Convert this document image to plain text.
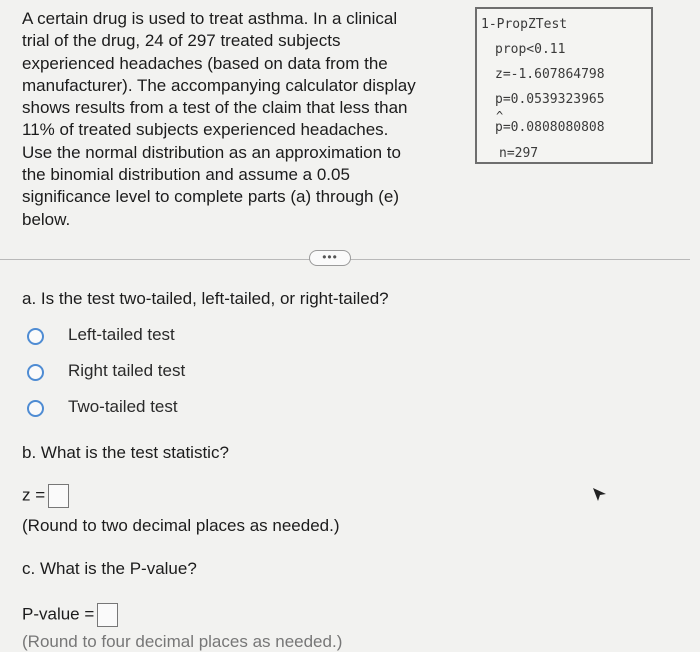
A certain drug is used to treat asthma. In a clinical
trial of the drug, 24 of 297 treated subjects
experienced headaches (based on data from the
manufacturer). The accompanying calculator display
shows results from a test of the claim that less than
11% of treated subjects experienced headaches.
Use the normal distribution as an approximation to
the binomial distribution and assume a 0.05
significance level to complete parts (a) through (e)
below.
1-PropZTest
prop<0.11
z=-1.607864798
p=0.0539323965
^ p=0.0808080808
n=297
•••
a. Is the test two-tailed, left-tailed, or right-tailed?
Left-tailed test
Right tailed test
Two-tailed test
b. What is the test statistic?
z =
(Round to two decimal places as needed.)
c. What is the P-value?
P-value =
(Round to four decimal places as needed.)
